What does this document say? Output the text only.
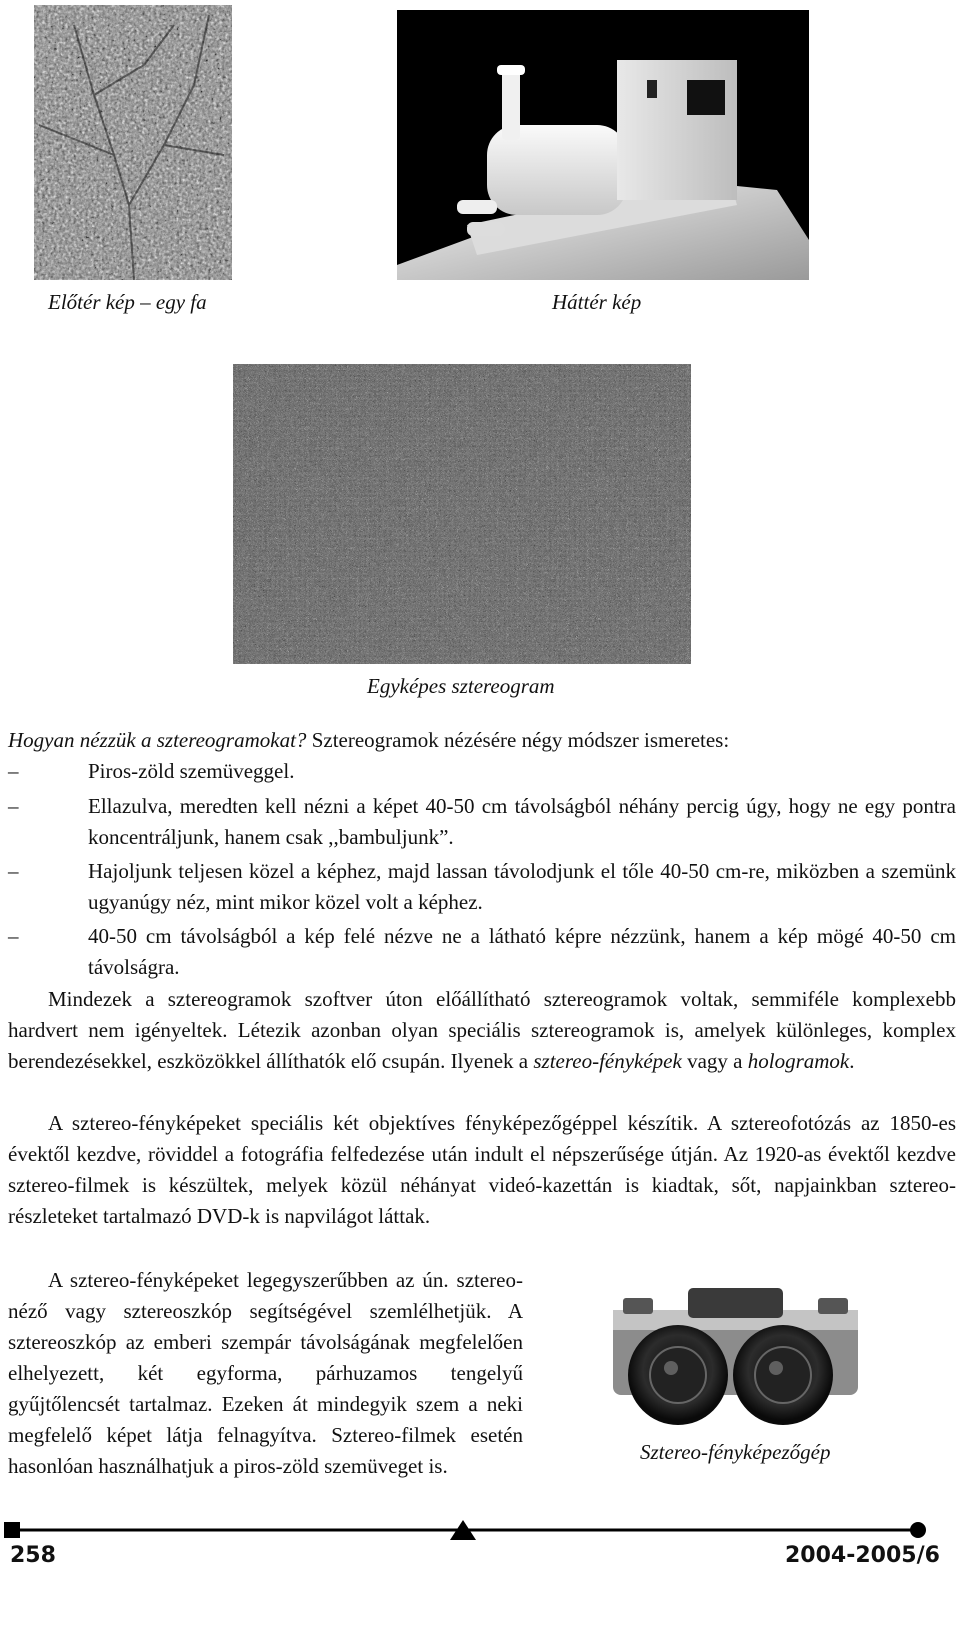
Előtér kép – egy fa	Háttér kép
Egyképes sztereogram
Hogyan nézzük a sztereogramokat? Sztereogramok nézésére négy módszer ismeretes:
–	Piros-zöld szemüveggel.
–	Ellazulva, meredten kell nézni a képet 40-50 cm távolságból néhány percig úgy, hogy ne egy pontra koncentráljunk, hanem csak ,,bambuljunk”.
–	Hajoljunk teljesen közel a képhez, majd lassan távolodjunk el tőle 40-50 cm-re, miközben a szemünk ugyanúgy néz, mint mikor közel volt a képhez.
–	40-50 cm távolságból a kép felé nézve ne a látható képre nézzünk, hanem a kép mögé 40-50 cm távolságra.
Mindezek a sztereogramok szoftver úton előállítható sztereogramok voltak, semmiféle komplexebb hardvert nem igényeltek. Létezik azonban olyan speciális sztereogramok is, amelyek különleges, komplex berendezésekkel, eszközökkel állíthatók elő csupán. Ilyenek a sztereo-fényképek vagy a hologramok.
A sztereo-fényképeket speciális két objektíves fényképezőgéppel készítik. A sztereofotózás az 1850-es évektől kezdve, röviddel a fotográfia felfedezése után indult el népszerűsége útján. Az 1920-as évektől kezdve sztereo-filmek is készültek, melyek közül néhányat videó-kazettán is kiadtak, sőt, napjainkban sztereo-részleteket tartalmazó DVD-k is napvilágot láttak.
A sztereo-fényképeket legegyszerűbben az ún. sztereo-néző vagy sztereoszkóp segítségével szemlélhetjük. A sztereoszkóp az emberi szempár távolságának megfelelően elhelyezett, két egyforma, párhuzamos tengelyű gyűjtőlencsét tartalmaz. Ezeken át mindegyik szem a neki megfelelő képet látja felnagyítva. Sztereo-filmek esetén hasonlóan használhatjuk a piros-zöld szemüveget is.
Sztereo-fényképezőgép
258	2004-2005/6
